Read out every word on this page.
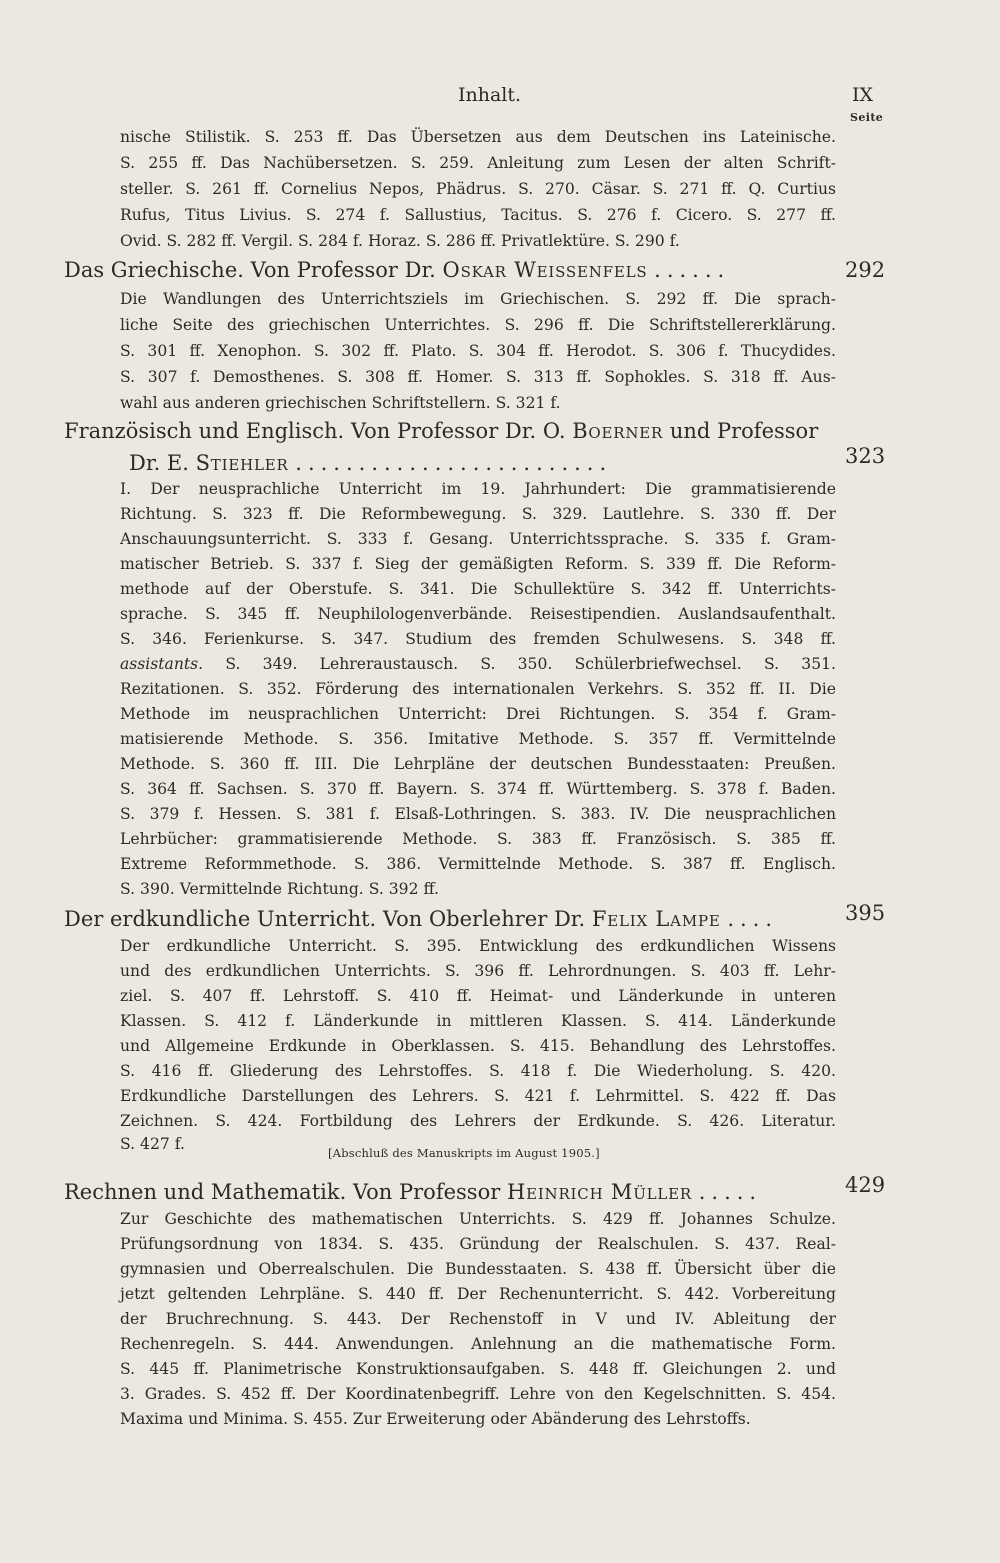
Inhalt.	IX
Seite
nische Stilistik. S. 253 ff. Das Übersetzen aus dem Deutschen ins Lateinische.
S. 255 ff. Das Nachübersetzen. S. 259. Anleitung zum Lesen der alten Schrift-
steller. S. 261 ff. Cornelius Nepos, Phädrus. S. 270. Cäsar. S. 271 ff. Q. Curtius
Rufus, Titus Livius. S. 274 f. Sallustius, Tacitus. S. 276 f. Cicero. S. 277 ff.
Ovid. S. 282 ff. Vergil. S. 284 f. Horaz. S. 286 ff. Privatlektüre. S. 290 f.
Das Griechische. Von Professor Dr. Oskar Weissenfels ......	292
Die Wandlungen des Unterrichtsziels im Griechischen. S. 292 ff. Die sprach-
liche Seite des griechischen Unterrichtes. S. 296 ff. Die Schriftstellererklärung.
S. 301 ff. Xenophon. S. 302 ff. Plato. S. 304 ff. Herodot. S. 306 f. Thucydides.
S. 307 f. Demosthenes. S. 308 ff. Homer. S. 313 ff. Sophokles. S. 318 ff. Aus-
wahl aus anderen griechischen Schriftstellern. S. 321 f.
Französisch und Englisch. Von Professor Dr. O. Boerner und Professor
Dr. E. Stiehler .........................	323
I. Der neusprachliche Unterricht im 19. Jahrhundert: Die grammatisierende
Richtung. S. 323 ff. Die Reformbewegung. S. 329. Lautlehre. S. 330 ff. Der
Anschauungsunterricht. S. 333 f. Gesang. Unterrichtssprache. S. 335 f. Gram-
matischer Betrieb. S. 337 f. Sieg der gemäßigten Reform. S. 339 ff. Die Reform-
methode auf der Oberstufe. S. 341. Die Schullektüre S. 342 ff. Unterrichts-
sprache. S. 345 ff. Neuphilologenverbände. Reisestipendien. Auslandsaufenthalt.
S. 346. Ferienkurse. S. 347. Studium des fremden Schulwesens. S. 348 ff.
assistants. S. 349. Lehreraustausch. S. 350. Schülerbriefwechsel. S. 351.
Rezitationen. S. 352. Förderung des internationalen Verkehrs. S. 352 ff. II. Die
Methode im neusprachlichen Unterricht: Drei Richtungen. S. 354 f. Gram-
matisierende Methode. S. 356. Imitative Methode. S. 357 ff. Vermittelnde
Methode. S. 360 ff. III. Die Lehrpläne der deutschen Bundesstaaten: Preußen.
S. 364 ff. Sachsen. S. 370 ff. Bayern. S. 374 ff. Württemberg. S. 378 f. Baden.
S. 379 f. Hessen. S. 381 f. Elsaß-Lothringen. S. 383. IV. Die neusprachlichen
Lehrbücher: grammatisierende Methode. S. 383 ff. Französisch. S. 385 ff.
Extreme Reformmethode. S. 386. Vermittelnde Methode. S. 387 ff. Englisch.
S. 390. Vermittelnde Richtung. S. 392 ff.
Der erdkundliche Unterricht. Von Oberlehrer Dr. Felix Lampe ....	395
Der erdkundliche Unterricht. S. 395. Entwicklung des erdkundlichen Wissens
und des erdkundlichen Unterrichts. S. 396 ff. Lehrordnungen. S. 403 ff. Lehr-
ziel. S. 407 ff. Lehrstoff. S. 410 ff. Heimat- und Länderkunde in unteren
Klassen. S. 412 f. Länderkunde in mittleren Klassen. S. 414. Länderkunde
und Allgemeine Erdkunde in Oberklassen. S. 415. Behandlung des Lehrstoffes.
S. 416 ff. Gliederung des Lehrstoffes. S. 418 f. Die Wiederholung. S. 420.
Erdkundliche Darstellungen des Lehrers. S. 421 f. Lehrmittel. S. 422 ff. Das
Zeichnen. S. 424. Fortbildung des Lehrers der Erdkunde. S. 426. Literatur.
S. 427 f.	[Abschluß des Manuskripts im August 1905.]
Rechnen und Mathematik. Von Professor Heinrich Müller .....	429
Zur Geschichte des mathematischen Unterrichts. S. 429 ff. Johannes Schulze.
Prüfungsordnung von 1834. S. 435. Gründung der Realschulen. S. 437. Real-
gymnasien und Oberrealschulen. Die Bundesstaaten. S. 438 ff. Übersicht über die
jetzt geltenden Lehrpläne. S. 440 ff. Der Rechenunterricht. S. 442. Vorbereitung
der Bruchrechnung. S. 443. Der Rechenstoff in V und IV. Ableitung der
Rechenregeln. S. 444. Anwendungen. Anlehnung an die mathematische Form.
S. 445 ff. Planimetrische Konstruktionsaufgaben. S. 448 ff. Gleichungen 2. und
3. Grades. S. 452 ff. Der Koordinatenbegriff. Lehre von den Kegelschnitten. S. 454.
Maxima und Minima. S. 455. Zur Erweiterung oder Abänderung des Lehrstoffs.
